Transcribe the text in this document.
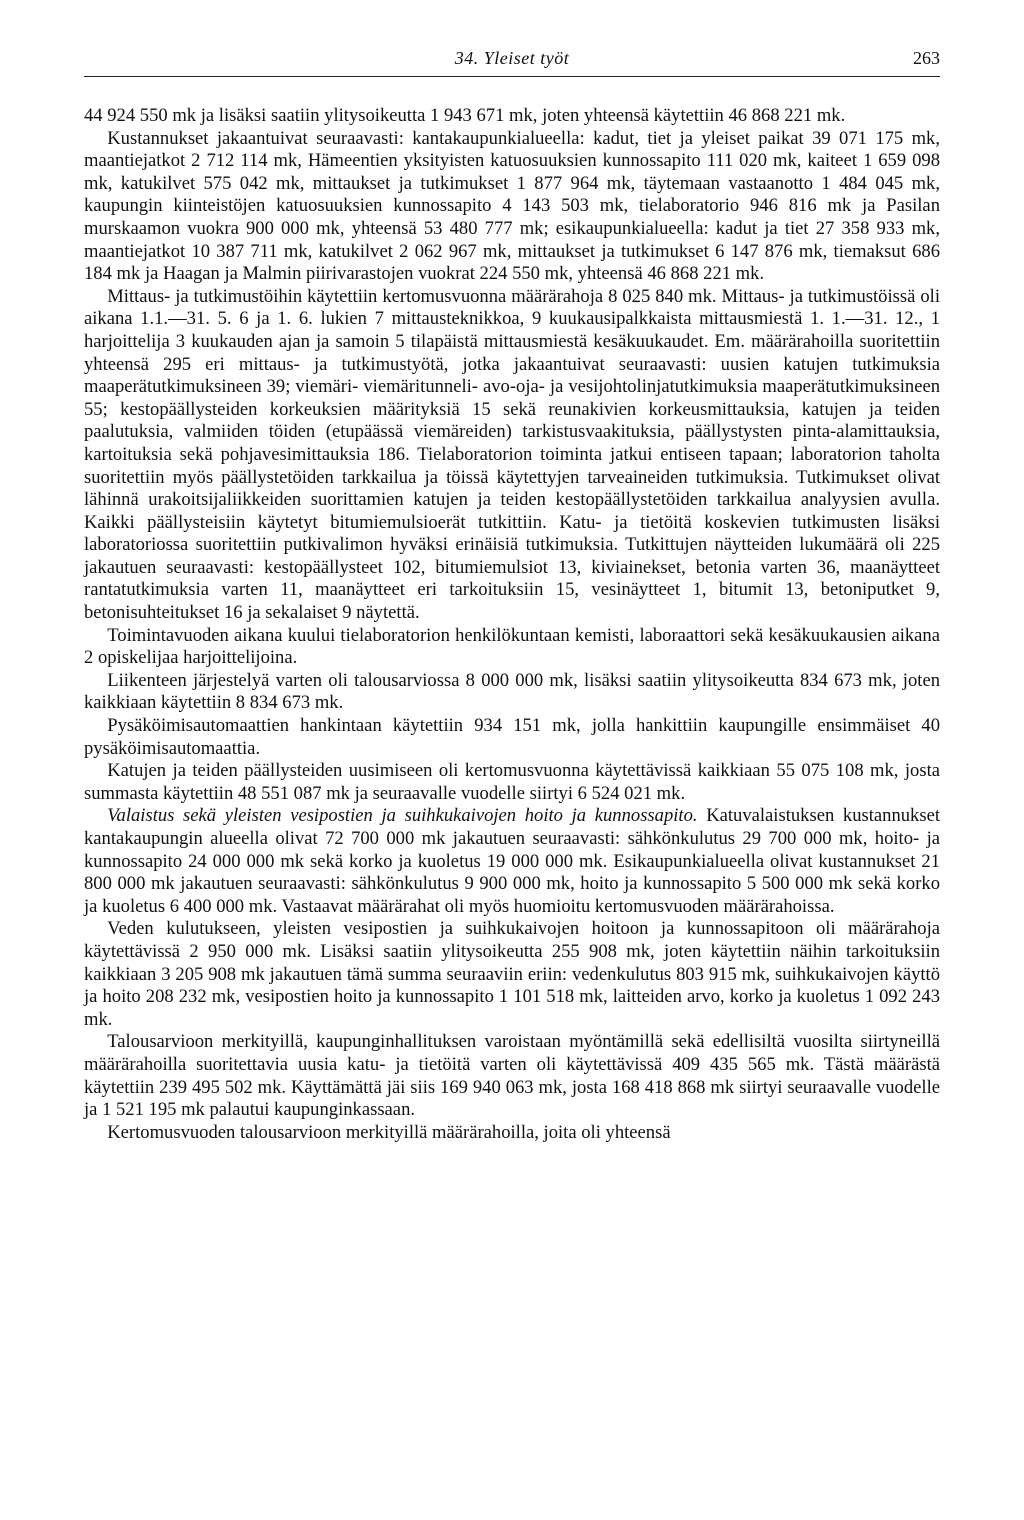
34. Yleiset työt	263

44 924 550 mk ja lisäksi saatiin ylitysoikeutta 1 943 671 mk, joten yhteensä käytettiin 46 868 221 mk.

Kustannukset jakaantuivat seuraavasti: kantakaupunkialueella: kadut, tiet ja yleiset paikat 39 071 175 mk, maantiejatkot 2 712 114 mk, Hämeentien yksityisten katuosuuksien kunnossapito 111 020 mk, kaiteet 1 659 098 mk, katukilvet 575 042 mk, mittaukset ja tutkimukset 1 877 964 mk, täytemaan vastaanotto 1 484 045 mk, kaupungin kiinteistöjen katuosuuksien kunnossapito 4 143 503 mk, tielaboratorio 946 816 mk ja Pasilan murskaamon vuokra 900 000 mk, yhteensä 53 480 777 mk; esikaupunkialueella: kadut ja tiet 27 358 933 mk, maantiejatkot 10 387 711 mk, katukilvet 2 062 967 mk, mittaukset ja tutkimukset 6 147 876 mk, tiemaksut 686 184 mk ja Haagan ja Malmin piirivarastojen vuokrat 224 550 mk, yhteensä 46 868 221 mk.

Mittaus- ja tutkimustöihin käytettiin kertomusvuonna määrärahoja 8 025 840 mk. Mittaus- ja tutkimustöissä oli aikana 1.1.—31. 5. 6 ja 1. 6. lukien 7 mittausteknikkoa, 9 kuukausipalkkaista mittausmiestä 1. 1.—31. 12., 1 harjoittelija 3 kuukauden ajan ja samoin 5 tilapäistä mittausmiestä kesäkuukaudet. Em. määrärahoilla suoritettiin yhteensä 295 eri mittaus- ja tutkimustyötä, jotka jakaantuivat seuraavasti: uusien katujen tutkimuksia maaperätutkimuksineen 39; viemäri- viemäritunneli- avo-oja- ja vesijohtolinjatutkimuksia maaperätutkimuksineen 55; kestopäällysteiden korkeuksien määrityksiä 15 sekä reunakivien korkeusmittauksia, katujen ja teiden paalutuksia, valmiiden töiden (etupäässä viemäreiden) tarkistusvaakituksia, päällystysten pinta-alamittauksia, kartoituksia sekä pohjavesimittauksia 186. Tielaboratorion toiminta jatkui entiseen tapaan; laboratorion taholta suoritettiin myös päällystetöiden tarkkailua ja töissä käytettyjen tarveaineiden tutkimuksia. Tutkimukset olivat lähinnä urakoitsijaliikkeiden suorittamien katujen ja teiden kestopäällystetöiden tarkkailua analyysien avulla. Kaikki päällysteisiin käytetyt bitumiemulsioerät tutkittiin. Katu- ja tietöitä koskevien tutkimusten lisäksi laboratoriossa suoritettiin putkivalimon hyväksi erinäisiä tutkimuksia. Tutkittujen näytteiden lukumäärä oli 225 jakautuen seuraavasti: kestopäällysteet 102, bitumiemulsiot 13, kiviainekset, betonia varten 36, maanäytteet rantatutkimuksia varten 11, maanäytteet eri tarkoituksiin 15, vesinäytteet 1, bitumit 13, betoniputket 9, betonisuhteitukset 16 ja sekalaiset 9 näytettä.

Toimintavuoden aikana kuului tielaboratorion henkilökuntaan kemisti, laboraattori sekä kesäkuukausien aikana 2 opiskelijaa harjoittelijoina.

Liikenteen järjestelyä varten oli talousarviossa 8 000 000 mk, lisäksi saatiin ylitysoikeutta 834 673 mk, joten kaikkiaan käytettiin 8 834 673 mk.

Pysäköimisautomaattien hankintaan käytettiin 934 151 mk, jolla hankittiin kaupungille ensimmäiset 40 pysäköimisautomaattia.

Katujen ja teiden päällysteiden uusimiseen oli kertomusvuonna käytettävissä kaikkiaan 55 075 108 mk, josta summasta käytettiin 48 551 087 mk ja seuraavalle vuodelle siirtyi 6 524 021 mk.

Valaistus sekä yleisten vesipostien ja suihkukaivojen hoito ja kunnossapito. Katuvalaistuksen kustannukset kantakaupungin alueella olivat 72 700 000 mk jakautuen seuraavasti: sähkönkulutus 29 700 000 mk, hoito- ja kunnossapito 24 000 000 mk sekä korko ja kuoletus 19 000 000 mk. Esikaupunkialueella olivat kustannukset 21 800 000 mk jakautuen seuraavasti: sähkönkulutus 9 900 000 mk, hoito ja kunnossapito 5 500 000 mk sekä korko ja kuoletus 6 400 000 mk. Vastaavat määrärahat oli myös huomioitu kertomusvuoden määrärahoissa.

Veden kulutukseen, yleisten vesipostien ja suihkukaivojen hoitoon ja kunnossapitoon oli määrärahoja käytettävissä 2 950 000 mk. Lisäksi saatiin ylitysoikeutta 255 908 mk, joten käytettiin näihin tarkoituksiin kaikkiaan 3 205 908 mk jakautuen tämä summa seuraaviin eriin: vedenkulutus 803 915 mk, suihkukaivojen käyttö ja hoito 208 232 mk, vesipostien hoito ja kunnossapito 1 101 518 mk, laitteiden arvo, korko ja kuoletus 1 092 243 mk.

Talousarvioon merkityillä, kaupunginhallituksen varoistaan myöntämillä sekä edellisiltä vuosilta siirtyneillä määrärahoilla suoritettavia uusia katu- ja tietöitä varten oli käytettävissä 409 435 565 mk. Tästä määrästä käytettiin 239 495 502 mk. Käyttämättä jäi siis 169 940 063 mk, josta 168 418 868 mk siirtyi seuraavalle vuodelle ja 1 521 195 mk palautui kaupunginkassaan.

Kertomusvuoden talousarvioon merkityillä määrärahoilla, joita oli yhteensä
